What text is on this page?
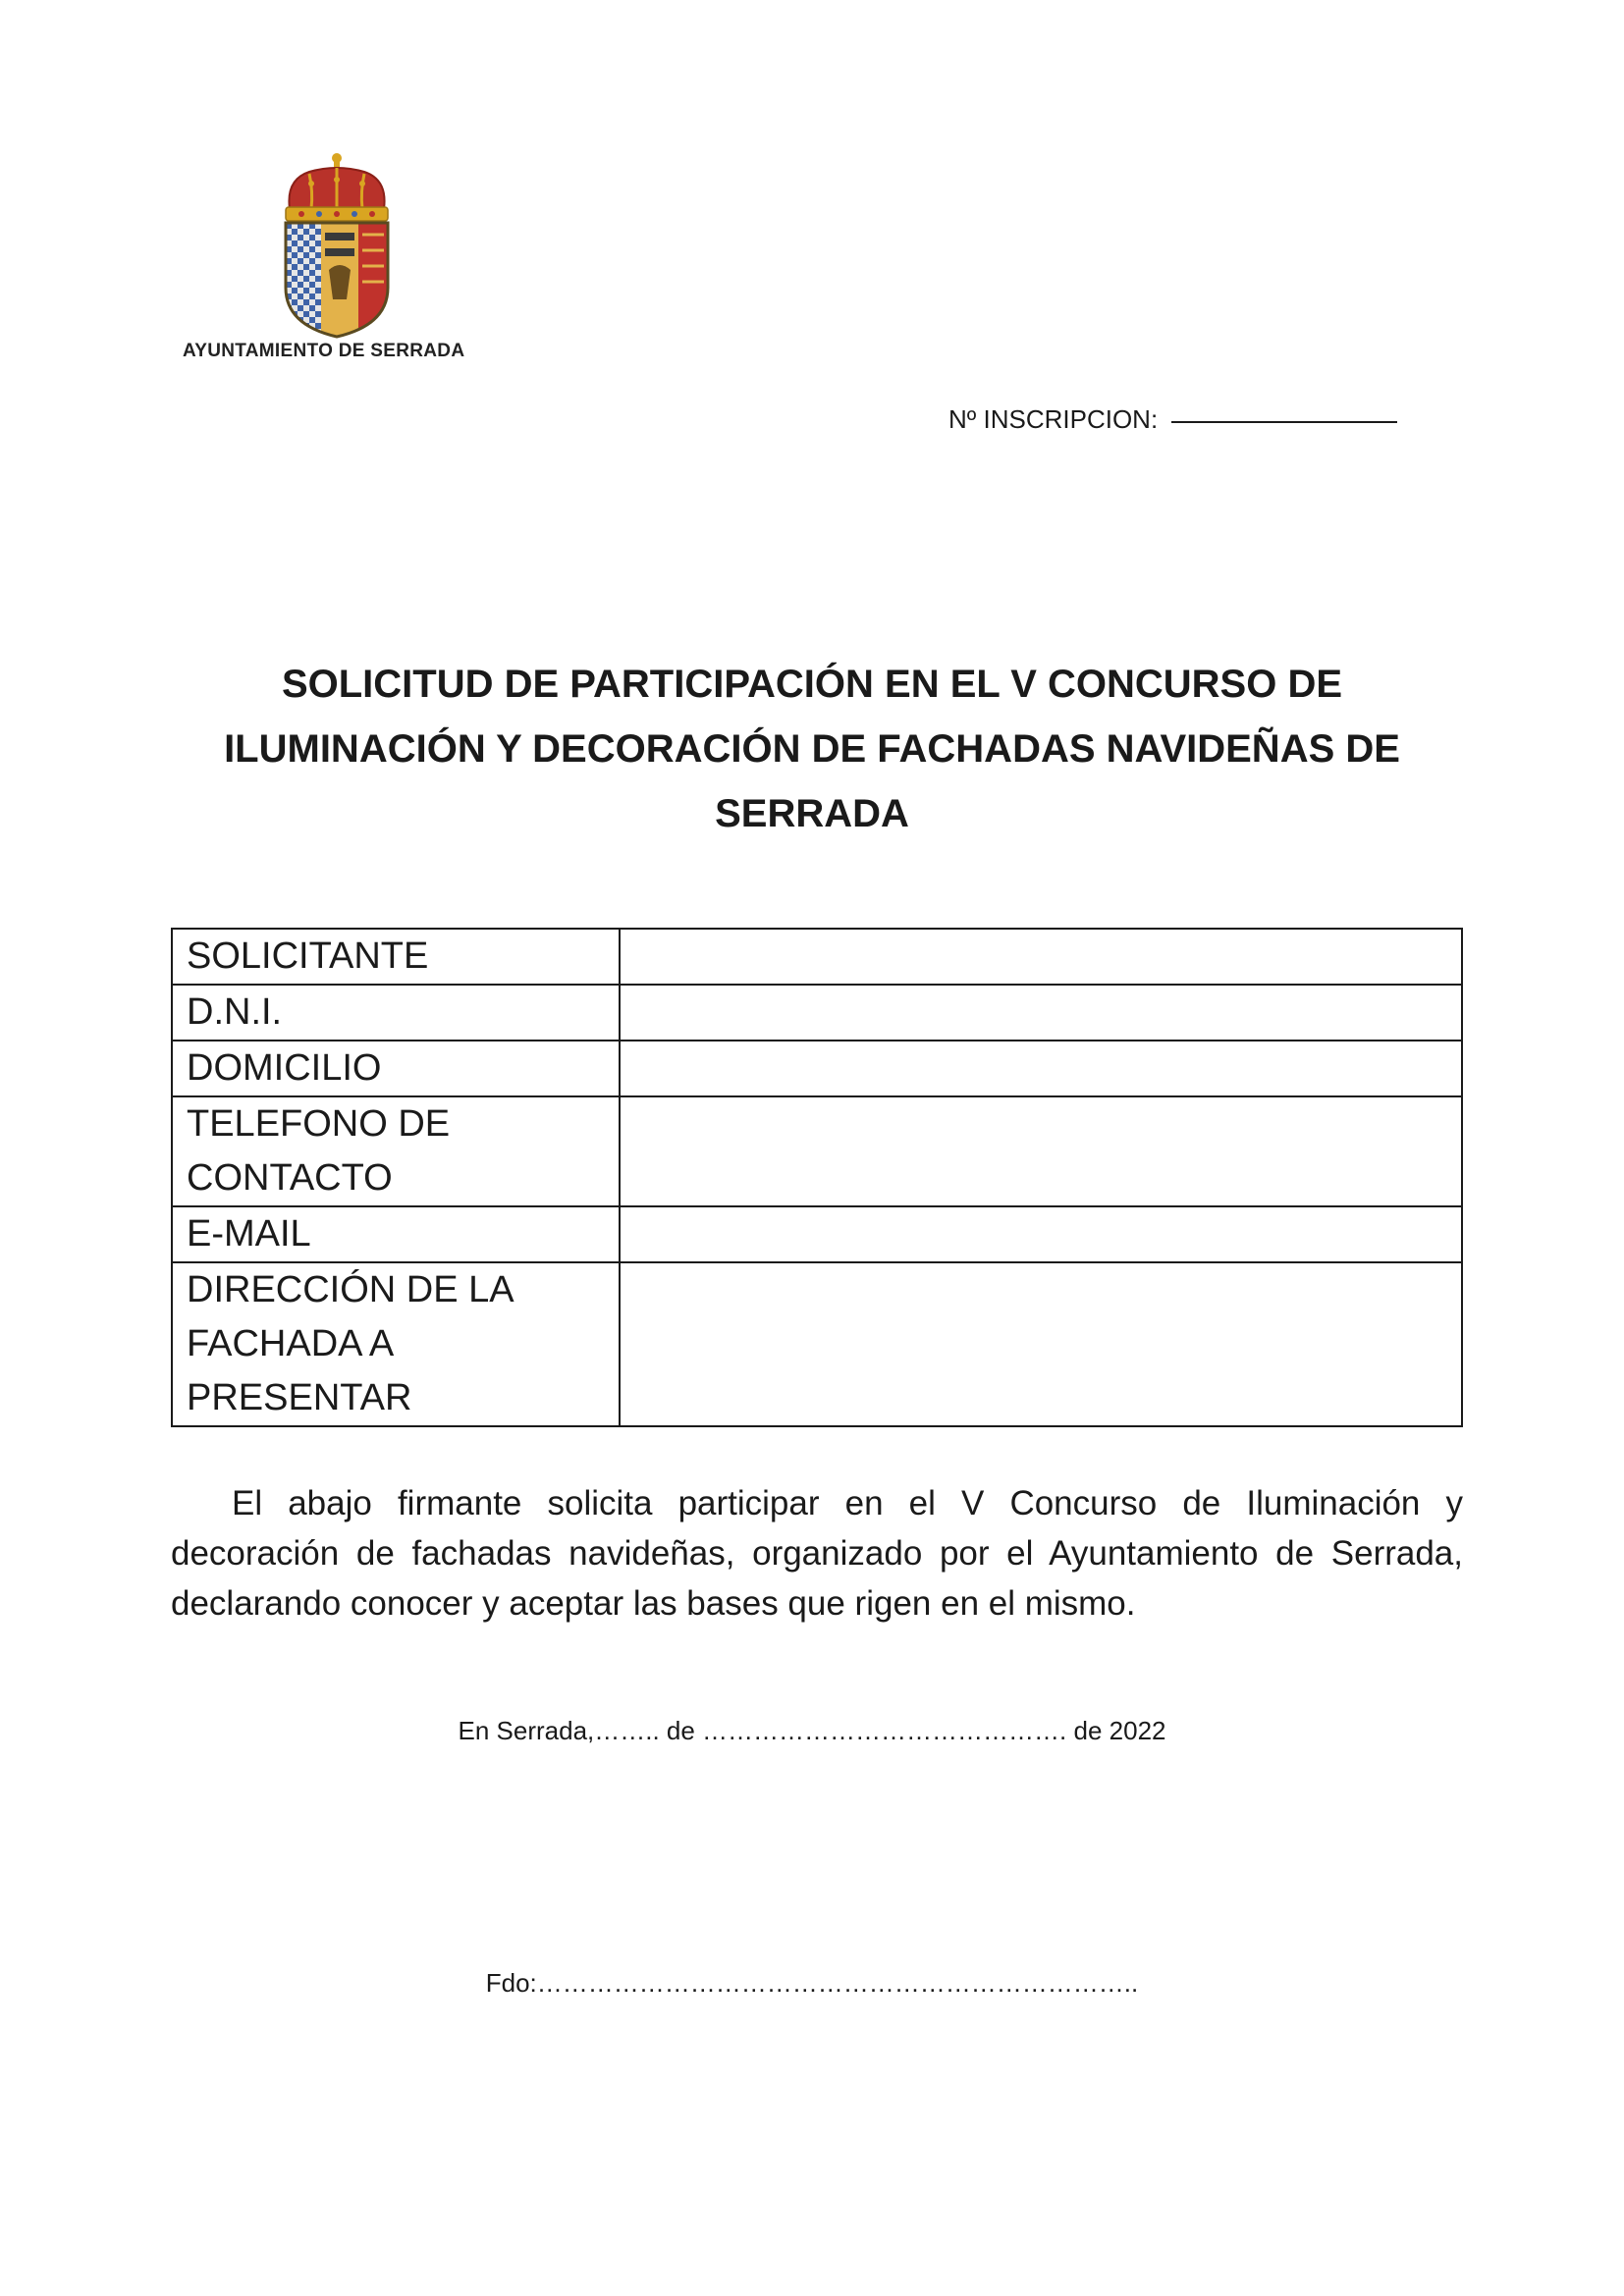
AYUNTAMIENTO DE SERRADA
Nº INSCRIPCION:
SOLICITUD DE PARTICIPACIÓN EN EL V CONCURSO DE
ILUMINACIÓN Y DECORACIÓN DE FACHADAS NAVIDEÑAS DE
SERRADA
SOLICITANTE	

D.N.I.	

DOMICILIO	

TELEFONO DE
CONTACTO	

E-MAIL	

DIRECCIÓN DE LA
FACHADA A
PRESENTAR	

El abajo firmante solicita participar en el V Concurso de Iluminación y decoración de fachadas navideñas, organizado por el Ayuntamiento de Serrada, declarando conocer y aceptar las bases que rigen en el mismo.
En Serrada,…….. de ……………………………………. de 2022
Fdo:……………………………………………………………..
